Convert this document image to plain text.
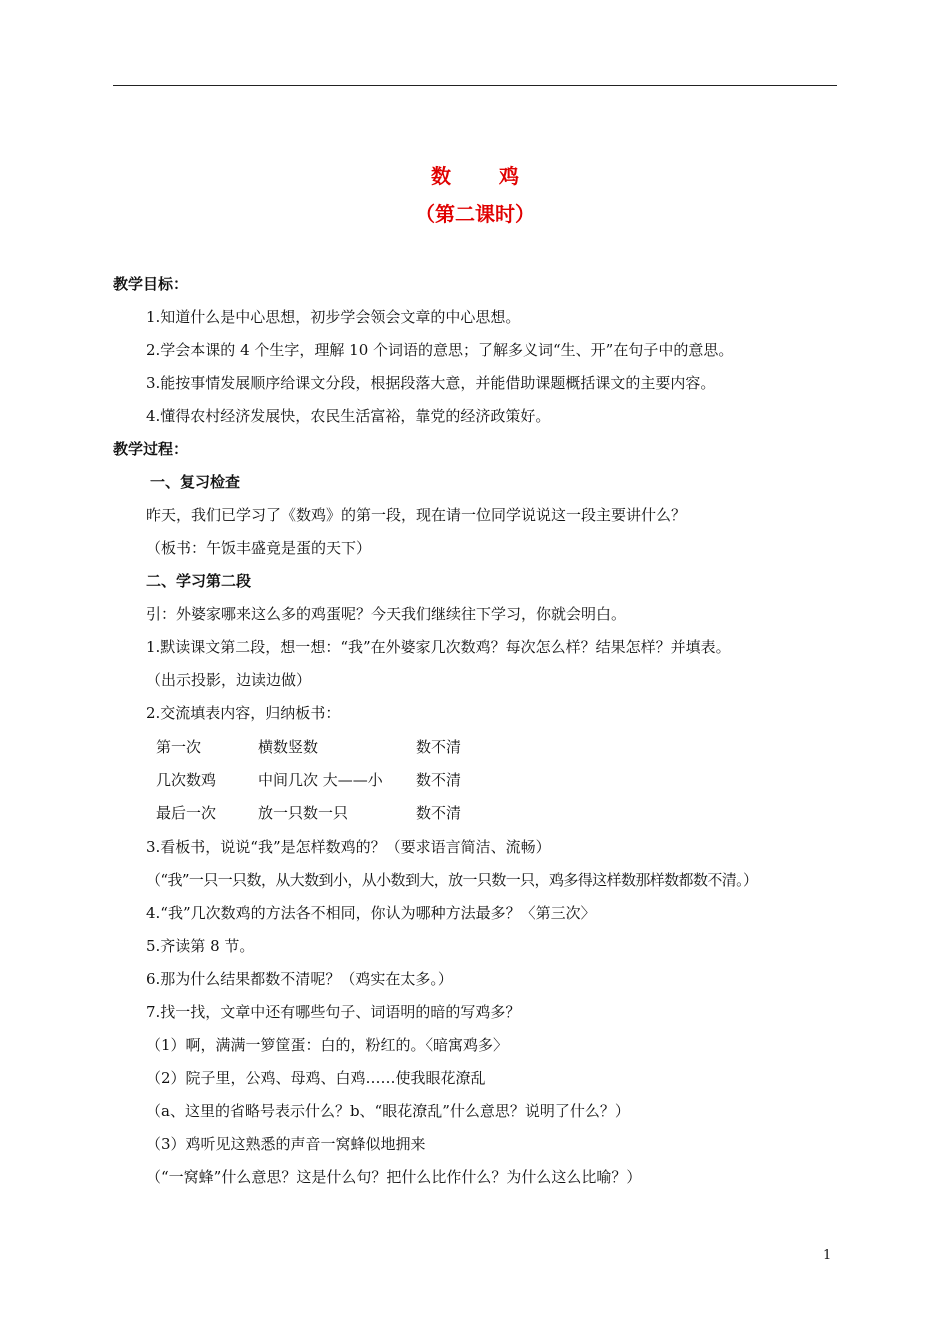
数　鸡
（第二课时）
教学目标：
1.知道什么是中心思想，初步学会领会文章的中心思想。
2.学会本课的 4 个生字，理解 10 个词语的意思；了解多义词“生、开”在句子中的意思。
3.能按事情发展顺序给课文分段，根据段落大意，并能借助课题概括课文的主要内容。
4.懂得农村经济发展快，农民生活富裕，靠党的经济政策好。
教学过程：
一、复习检查
昨天，我们已学习了《数鸡》的第一段，现在请一位同学说说这一段主要讲什么？
（板书：午饭丰盛竟是蛋的天下）
二、学习第二段
引：外婆家哪来这么多的鸡蛋呢？今天我们继续往下学习，你就会明白。
1.默读课文第二段，想一想：“我”在外婆家几次数鸡？每次怎么样？结果怎样？并填表。
（出示投影，边读边做）
2.交流填表内容，归纳板书：
第一次	横数竖数	数不清
几次数鸡	中间几次 大——小 数不清
最后一次	放一只数一只	数不清
3.看板书，说说“我”是怎样数鸡的？（要求语言简洁、流畅）
（“我”一只一只数，从大数到小，从小数到大，放一只数一只，鸡多得这样数那样数都数不清。）
4.“我”几次数鸡的方法各不相同，你认为哪种方法最多？〈第三次〉
5.齐读第 8 节。
6.那为什么结果都数不清呢？（鸡实在太多。）
7.找一找，文章中还有哪些句子、词语明的暗的写鸡多？
（1）啊，满满一箩筐蛋：白的，粉红的。〈暗寓鸡多〉
（2）院子里，公鸡、母鸡、白鸡……使我眼花潦乱
（a、这里的省略号表示什么？b、“眼花潦乱”什么意思？说明了什么？）
（3）鸡听见这熟悉的声音一窝蜂似地拥来
（“一窝蜂”什么意思？这是什么句？把什么比作什么？为什么这么比喻？）
1
